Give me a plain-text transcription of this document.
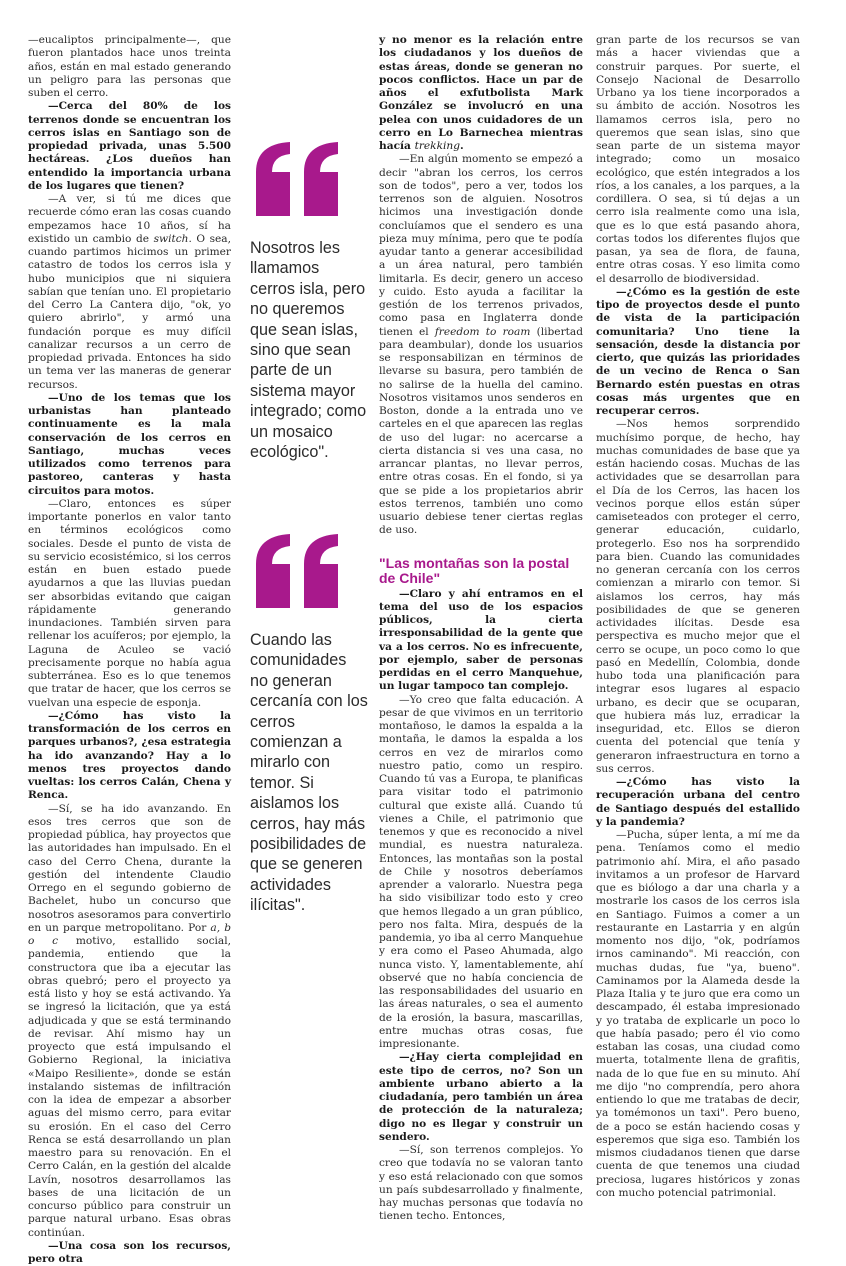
—eucaliptos principalmente—, que fueron plantados hace unos treinta años, están en mal estado generando un peligro para las personas que suben el cerro.

—Cerca del 80% de los terrenos donde se encuentran los cerros islas en Santiago son de propiedad privada, unas 5.500 hectáreas. ¿Los dueños han entendido la importancia urbana de los lugares que tienen?

—A ver, si tú me dices que recuerde cómo eran las cosas cuando empezamos hace 10 años, sí ha existido un cambio de switch. O sea, cuando partimos hicimos un primer catastro de todos los cerros isla y hubo municipios que ni siquiera sabían que tenían uno. El propietario del Cerro La Cantera dijo, "ok, yo quiero abrirlo", y armó una fundación porque es muy difícil canalizar recursos a un cerro de propiedad privada. Entonces ha sido un tema ver las maneras de generar recursos.

—Uno de los temas que los urbanistas han planteado continuamente es la mala conservación de los cerros en Santiago, muchas veces utilizados como terrenos para pastoreo, canteras y hasta circuitos para motos.

—Claro, entonces es súper importante ponerlos en valor tanto en términos ecológicos como sociales. Desde el punto de vista de su servicio ecosistémico, si los cerros están en buen estado puede ayudarnos a que las lluvias puedan ser absorbidas evitando que caigan rápidamente generando inundaciones. También sirven para rellenar los acuíferos; por ejemplo, la Laguna de Aculeo se vació precisamente porque no había agua subterránea. Eso es lo que tenemos que tratar de hacer, que los cerros se vuelvan una especie de esponja.

—¿Cómo has visto la transformación de los cerros en parques urbanos?, ¿esa estrategia ha ido avanzando? Hay a lo menos tres proyectos dando vueltas: los cerros Calán, Chena y Renca.

—Sí, se ha ido avanzando. En esos tres cerros que son de propiedad pública, hay proyectos que las autoridades han impulsado. En el caso del Cerro Chena, durante la gestión del intendente Claudio Orrego en el segundo gobierno de Bachelet, hubo un concurso que nosotros asesoramos para convertirlo en un parque metropolitano. Por a, b o c motivo, estallido social, pandemia, entiendo que la constructora que iba a ejecutar las obras quebró; pero el proyecto ya está listo y hoy se está activando. Ya se ingresó la licitación, que ya está adjudicada y que se está terminando de revisar. Ahí mismo hay un proyecto que está impulsando el Gobierno Regional, la iniciativa «Maipo Resiliente», donde se están instalando sistemas de infiltración con la idea de empezar a absorber aguas del mismo cerro, para evitar su erosión. En el caso del Cerro Renca se está desarrollando un plan maestro para su renovación. En el Cerro Calán, en la gestión del alcalde Lavín, nosotros desarrollamos las bases de una licitación de un concurso público para construir un parque natural urbano. Esas obras continúan.

—Una cosa son los recursos, pero otra

Nosotros les llamamos cerros isla, pero no queremos que sean islas, sino que sean parte de un sistema mayor integrado; como un mosaico ecológico".
Cuando las comunidades no generan cercanía con los cerros comienzan a mirarlo con temor. Si aislamos los cerros, hay más posibilidades de que se generen actividades ilícitas".

y no menor es la relación entre los ciudadanos y los dueños de estas áreas, donde se generan no pocos conflictos. Hace un par de años el exfutbolista Mark González se involucró en una pelea con unos cuidadores de un cerro en Lo Barnechea mientras hacía trekking.

—En algún momento se empezó a decir "abran los cerros, los cerros son de todos", pero a ver, todos los terrenos son de alguien. Nosotros hicimos una investigación donde concluíamos que el sendero es una pieza muy mínima, pero que te podía ayudar tanto a generar accesibilidad a un área natural, pero también limitarla. Es decir, genero un acceso y cuido. Esto ayuda a facilitar la gestión de los terrenos privados, como pasa en Inglaterra donde tienen el freedom to roam (libertad para deambular), donde los usuarios se responsabilizan en términos de llevarse su basura, pero también de no salirse de la huella del camino. Nosotros visitamos unos senderos en Boston, donde a la entrada uno ve carteles en el que aparecen las reglas de uso del lugar: no acercarse a cierta distancia si ves una casa, no arrancar plantas, no llevar perros, entre otras cosas. En el fondo, si ya que se pide a los propietarios abrir estos terrenos, también uno como usuario debiese tener ciertas reglas de uso.

"Las montañas son la postal de Chile"

—Claro y ahí entramos en el tema del uso de los espacios públicos, la cierta irresponsabilidad de la gente que va a los cerros. No es infrecuente, por ejemplo, saber de personas perdidas en el cerro Manquehue, un lugar tampoco tan complejo.

—Yo creo que falta educación. A pesar de que vivimos en un territorio montañoso, le damos la espalda a la montaña, le damos la espalda a los cerros en vez de mirarlos como nuestro patio, como un respiro. Cuando tú vas a Europa, te planificas para visitar todo el patrimonio cultural que existe allá. Cuando tú vienes a Chile, el patrimonio que tenemos y que es reconocido a nivel mundial, es nuestra naturaleza. Entonces, las montañas son la postal de Chile y nosotros deberíamos aprender a valorarlo. Nuestra pega ha sido visibilizar todo esto y creo que hemos llegado a un gran público, pero nos falta. Mira, después de la pandemia, yo iba al cerro Manquehue y era como el Paseo Ahumada, algo nunca visto. Y, lamentablemente, ahí observé que no había conciencia de las responsabilidades del usuario en las áreas naturales, o sea el aumento de la erosión, la basura, mascarillas, entre muchas otras cosas, fue impresionante.

—¿Hay cierta complejidad en este tipo de cerros, no? Son un ambiente urbano abierto a la ciudadanía, pero también un área de protección de la naturaleza; digo no es llegar y construir un sendero.

—Sí, son terrenos complejos. Yo creo que todavía no se valoran tanto y eso está relacionado con que somos un país subdesarrollado y finalmente, hay muchas personas que todavía no tienen techo. Entonces,

gran parte de los recursos se van más a hacer viviendas que a construir parques. Por suerte, el Consejo Nacional de Desarrollo Urbano ya los tiene incorporados a su ámbito de acción. Nosotros les llamamos cerros isla, pero no queremos que sean islas, sino que sean parte de un sistema mayor integrado; como un mosaico ecológico, que estén integrados a los ríos, a los canales, a los parques, a la cordillera. O sea, si tú dejas a un cerro isla realmente como una isla, que es lo que está pasando ahora, cortas todos los diferentes flujos que pasan, ya sea de flora, de fauna, entre otras cosas. Y eso limita como el desarrollo de biodiversidad.

—¿Cómo es la gestión de este tipo de proyectos desde el punto de vista de la participación comunitaria? Uno tiene la sensación, desde la distancia por cierto, que quizás las prioridades de un vecino de Renca o San Bernardo estén puestas en otras cosas más urgentes que en recuperar cerros.

—Nos hemos sorprendido muchísimo porque, de hecho, hay muchas comunidades de base que ya están haciendo cosas. Muchas de las actividades que se desarrollan para el Día de los Cerros, las hacen los vecinos porque ellos están súper camiseteados con proteger el cerro, generar educación, cuidarlo, protegerlo. Eso nos ha sorprendido para bien. Cuando las comunidades no generan cercanía con los cerros comienzan a mirarlo con temor. Si aislamos los cerros, hay más posibilidades de que se generen actividades ilícitas. Desde esa perspectiva es mucho mejor que el cerro se ocupe, un poco como lo que pasó en Medellín, Colombia, donde hubo toda una planificación para integrar esos lugares al espacio urbano, es decir que se ocuparan, que hubiera más luz, erradicar la inseguridad, etc. Ellos se dieron cuenta del potencial que tenía y generaron infraestructura en torno a sus cerros.

—¿Cómo has visto la recuperación urbana del centro de Santiago después del estallido y la pandemia?

—Pucha, súper lenta, a mí me da pena. Teníamos como el medio patrimonio ahí. Mira, el año pasado invitamos a un profesor de Harvard que es biólogo a dar una charla y a mostrarle los casos de los cerros isla en Santiago. Fuimos a comer a un restaurante en Lastarria y en algún momento nos dijo, "ok, podríamos irnos caminando". Mi reacción, con muchas dudas, fue "ya, bueno". Caminamos por la Alameda desde la Plaza Italia y te juro que era como un descampado, él estaba impresionado y yo trataba de explicarle un poco lo que había pasado; pero él vio como estaban las cosas, una ciudad como muerta, totalmente llena de grafitis, nada de lo que fue en su minuto. Ahí me dijo "no comprendía, pero ahora entiendo lo que me tratabas de decir, ya tomémonos un taxi". Pero bueno, de a poco se están haciendo cosas y esperemos que siga eso. También los mismos ciudadanos tienen que darse cuenta de que tenemos una ciudad preciosa, lugares históricos y zonas con mucho potencial patrimonial.
